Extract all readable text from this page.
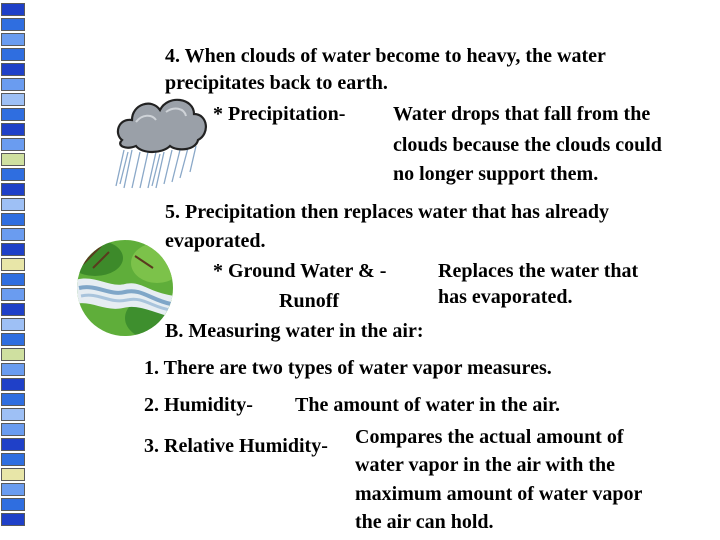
4. When clouds of water become to heavy, the water
precipitates back to earth.
* Precipitation- Water drops that fall from the
clouds because the clouds could
no longer support them.
5. Precipitation then replaces water that has already
evaporated.
* Ground Water & -	Replaces the water that
Runoff	has evaporated.
B. Measuring water in the air:
1. There are two types of water vapor measures.
2. Humidity- The amount of water in the air.
3. Relative Humidity- Compares the actual amount of
water vapor in the air with the
maximum amount of water vapor
the air can hold.
